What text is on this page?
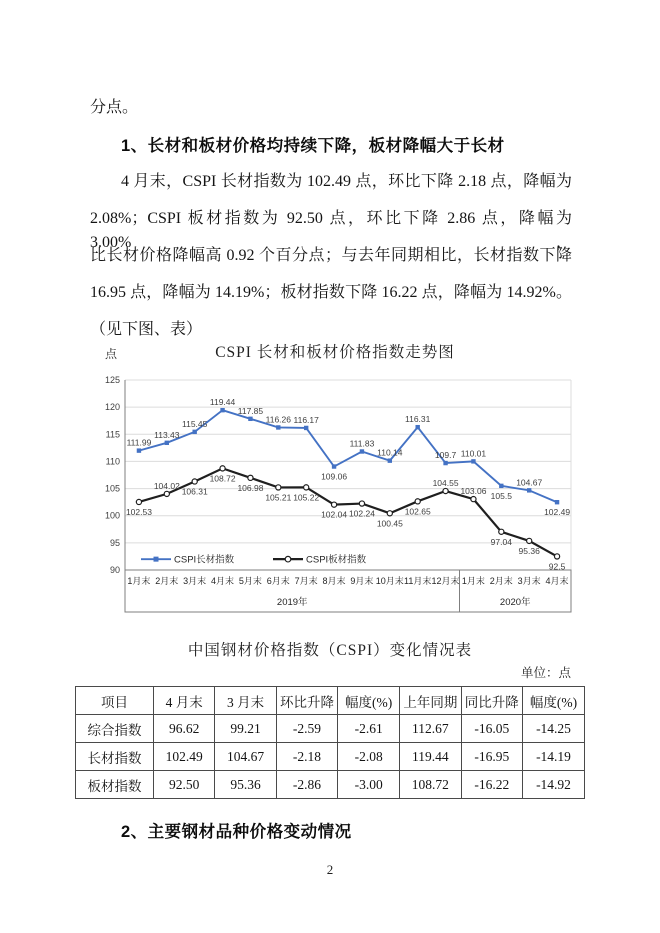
分点。
1、长材和板材价格均持续下降，板材降幅大于长材
4 月末，CSPI 长材指数为 102.49 点，环比下降 2.18 点，降幅为
2.08%；CSPI 板材指数为 92.50 点，环比下降 2.86 点，降幅为 3.00%，
比长材价格降幅高 0.92 个百分点；与去年同期相比，长材指数下降
16.95 点，降幅为 14.19%；板材指数下降 16.22 点，降幅为 14.92%。
（见下图、表）
点	CSPI 长材和板材价格指数走势图
90
95
100
105
110
115
120
125
2019年	2020年
1月末 2月末 3月末 4月末 5月末 6月末 7月末 8月末 9月末 10月末 11月末 12月末 1月末 2月末 3月末 4月末
111.99
113.43
115.45
119.44
117.85
116.26 116.17
109.06
111.83
110.14
116.31
109.7 110.01
105.5
104.67
102.49
102.53
104.02
106.31
108.72
106.98
105.21 105.22
102.04 102.24
100.45
102.65
104.55
103.06
97.04
95.36
92.5
CSPI长材指数	CSPI板材指数
中国钢材价格指数（CSPI）变化情况表
单位：点
项目	4 月末	3 月末	环比升降	幅度(%)	上年同期	同比升降	幅度(%)
综合指数	96.62	99.21	-2.59	-2.61	112.67	-16.05	-14.25
长材指数	102.49	104.67	-2.18	-2.08	119.44	-16.95	-14.19
板材指数	92.50	95.36	-2.86	-3.00	108.72	-16.22	-14.92
2、主要钢材品种价格变动情况
2
